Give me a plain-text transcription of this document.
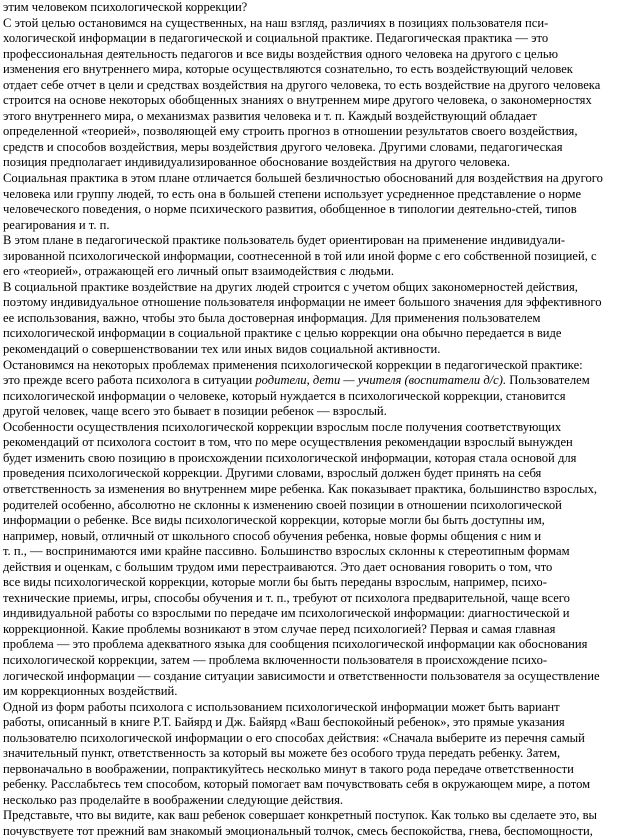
этим человеком психологической коррекции?

С этой целью остановимся на существенных, на наш взгляд, различиях в позициях пользователя пси-
хологической информации в педагогической и социальной практике. Педагогическая практика — это
профессиональная деятельность педагогов и все виды воздействия одного человека на другого с целью
изменения его внутреннего мира, которые осуществляются сознательно, то есть воздействующий человек
отдает себе отчет в цели и средствах воздействия на другого человека, то есть воздействие на другого человека
строится на основе некоторых обобщенных знаниях о внутреннем мире другого человека, о закономерностях
этого внутреннего мира, о механизмах развития человека и т. п. Каждый воздействующий обладает
определенной «теорией», позволяющей ему строить прогноз в отношении результатов своего воздействия,
средств и способов воздействия, меры воздействия другого человека. Другими словами, педагогическая
позиция предполагает индивидуализированное обоснование воздействия на другого человека.

Социальная практика в этом плане отличается большей безличностью обоснований для воздействия на другого
человека или группу людей, то есть она в большей степени использует усредненное представление о норме
человеческого поведения, о норме психического развития, обобщенное в типологии деятельно-стей, типов
реагирования и т. п.

В этом плане в педагогической практике пользователь будет ориентирован на применение индивидуали-
зированной психологической информации, соотнесенной в той или иной форме с его собственной позицией, с
его «теорией», отражающей его личный опыт взаимодействия с людьми.

В социальной практике воздействие на других людей строится с учетом общих закономерностей действия,
поэтому индивидуальное отношение пользователя информации не имеет большого значения для эффективного
ее использования, важно, чтобы это была достоверная информация. Для применения пользователем
психологической информации в социальной практике с целью коррекции она обычно передается в виде
рекомендаций о совершенствовании тех или иных видов социальной активности.

Остановимся на некоторых проблемах применения психологической коррекции в педагогической практике:
это прежде всего работа психолога в ситуации родители, дети — учителя (воспитатели д/с). Пользователем
психологической информации о человеке, который нуждается в психологической коррекции, становится
другой человек, чаще всего это бывает в позиции ребенок — взрослый.

Особенности осуществления психологической коррекции взрослым после получения соответствующих
рекомендаций от психолога состоит в том, что по мере осуществления рекомендации взрослый вынужден
будет изменить свою позицию в происхождении психологической информации, которая стала основой для
проведения психологической коррекции. Другими словами, взрослый должен будет принять на себя
ответственность за изменения во внутреннем мире ребенка. Как показывает практика, большинство взрослых,
родителей особенно, абсолютно не склонны к изменению своей позиции в отношении психологической
информации о ребенке. Все виды психологической коррекции, которые могли бы быть доступны им,
например, новый, отличный от школьного способ обучения ребенка, новые формы общения с ним и
т. п., — воспринимаются ими крайне пассивно. Большинство взрослых склонны к стереотипным формам
действия и оценкам, с большим трудом ими перестраиваются. Это дает основания говорить о том, что
все виды психологической коррекции, которые могли бы быть переданы взрослым, например, психо-
технические приемы, игры, способы обучения и т. п., требуют от психолога предварительной, чаще всего
индивидуальной работы со взрослыми по передаче им психологической информации: диагностической и
коррекционной. Какие проблемы возникают в этом случае перед психологией? Первая и самая главная
проблема — это проблема адекватного языка для сообщения психологической информации как обоснования
психологической коррекции, затем — проблема включенности пользователя в происхождение психо-
логической информации — создание ситуации зависимости и ответственности пользователя за осуществление
им коррекционных воздействий.

Одной из форм работы психолога с использованием психологической информации может быть вариант
работы, описанный в книге Р.Т. Байярд и Дж. Байярд «Ваш беспокойный ребенок», это прямые указания
пользователю психологической информации о его способах действия: «Сначала выберите из перечня самый
значительный пункт, ответственность за который вы можете без особого труда передать ребенку. Затем,
первоначально в воображении, попрактикуйтесь несколько минут в такого рода передаче ответственности
ребенку. Расслабьтесь тем способом, который помогает вам почувствовать себя в окружающем мире, а потом
несколько раз проделайте в воображении следующие действия.

Представьте, что вы видите, как ваш ребенок совершает конкретный поступок. Как только вы сделаете это, вы
почувствуете тот прежний вам знакомый эмоциональный толчок, смесь беспокойства, гнева, беспомощности,
